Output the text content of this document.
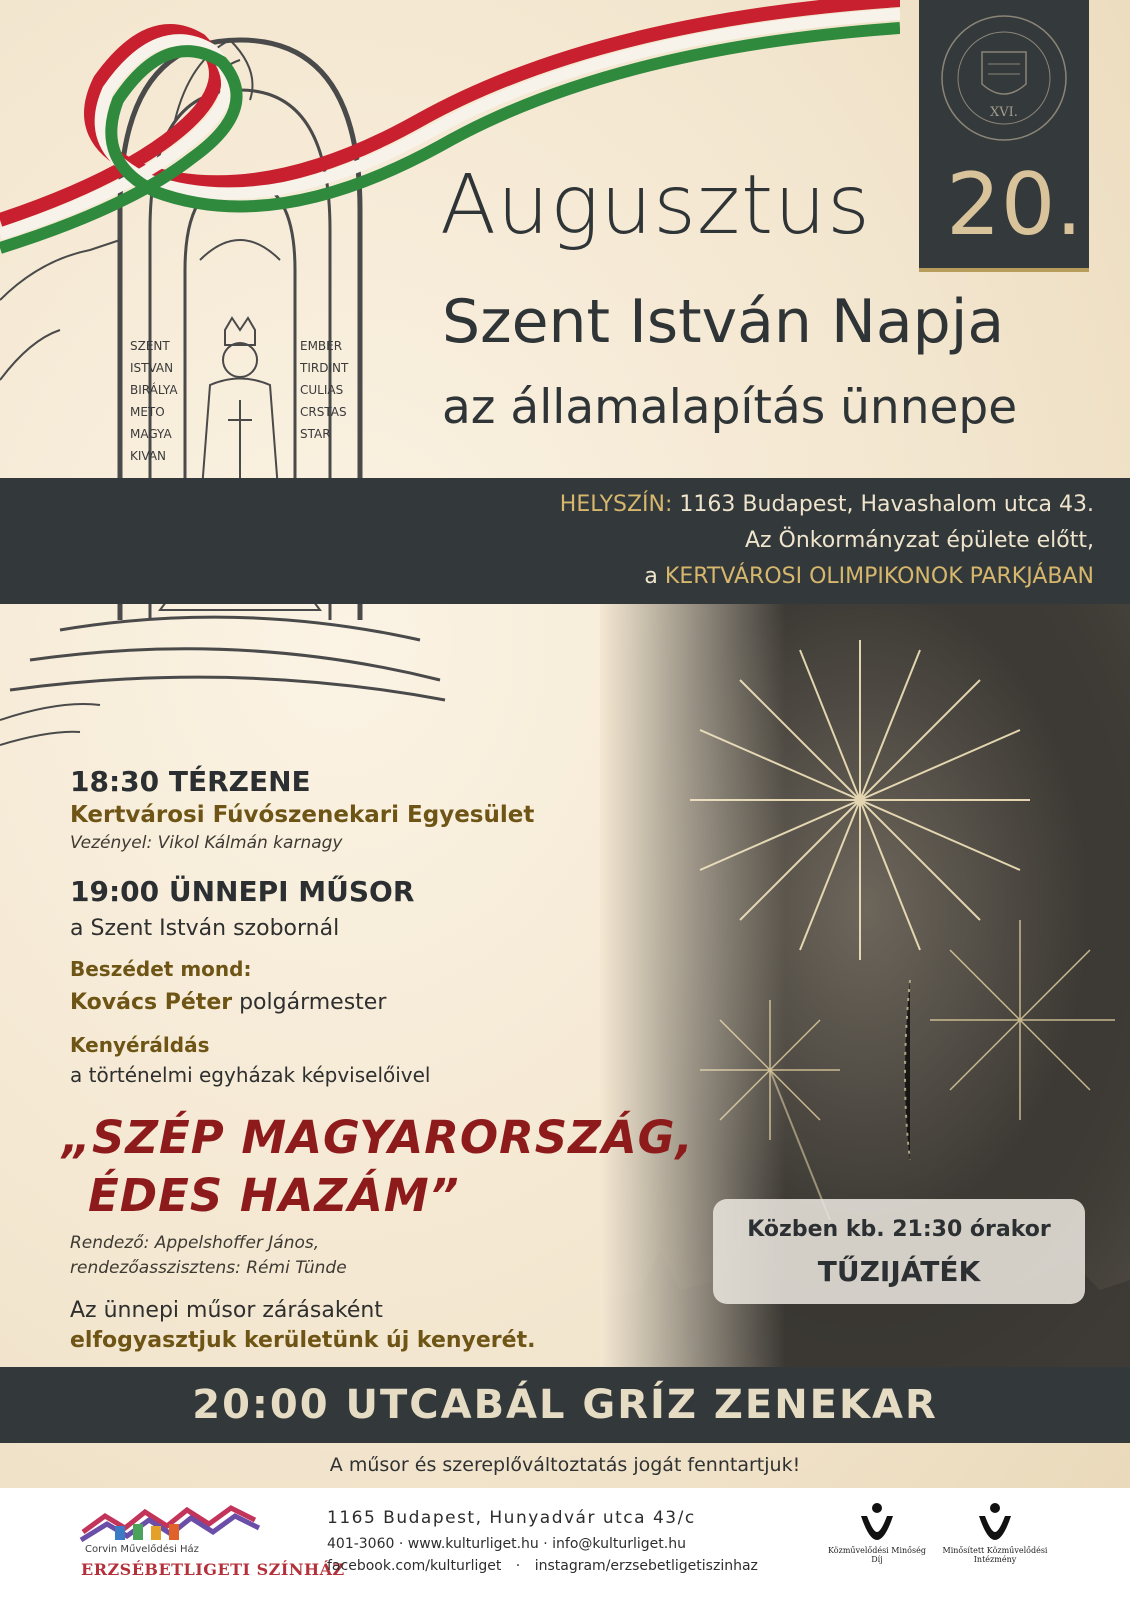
SZENT
ISTVAN
BIRÁLYA
METO
MAGYA
KIVAN
EMBER
TIRDINT
CULIAS
CRSTAS
STAR
XVI.
Augusztus 20.
Szent István Napja
az államalapítás ünnepe
HELYSZÍN: 1163 Budapest, Havashalom utca 43.
Az Önkormányzat épülete előtt,
a KERTVÁROSI OLIMPIKONOK PARKJÁBAN
18:30 TÉRZENE
Kertvárosi Fúvószenekari Egyesület
Vezényel: Vikol Kálmán karnagy
19:00 ÜNNEPI MŰSOR
a Szent István szobornál
Beszédet mond:
Kovács Péter polgármester
Kenyéráldás
a történelmi egyházak képviselőivel
„SZÉP MAGYARORSZÁG,
ÉDES HAZÁM”
Rendező: Appelshoffer János,
rendezőasszisztens: Rémi Tünde
Az ünnepi műsor zárásaként
elfogyasztjuk kerületünk új kenyerét.
Közben kb. 21:30 órakor
TŰZIJÁTÉK
20:00 UTCABÁL GRÍZ ZENEKAR
A műsor és szereplőváltoztatás jogát fenntartjuk!
Corvin Művelődési Ház
ERZSÉBETLIGETI SZÍNHÁZ
1165 Budapest, Hunyadvár utca 43/c
401-3060 · www.kulturliget.hu · info@kulturliget.hu
facebook.com/kulturliget · instagram/erzsebetligetiszinhaz
Közművelődési Minőség Díj
Minősített Közművelődési Intézmény
